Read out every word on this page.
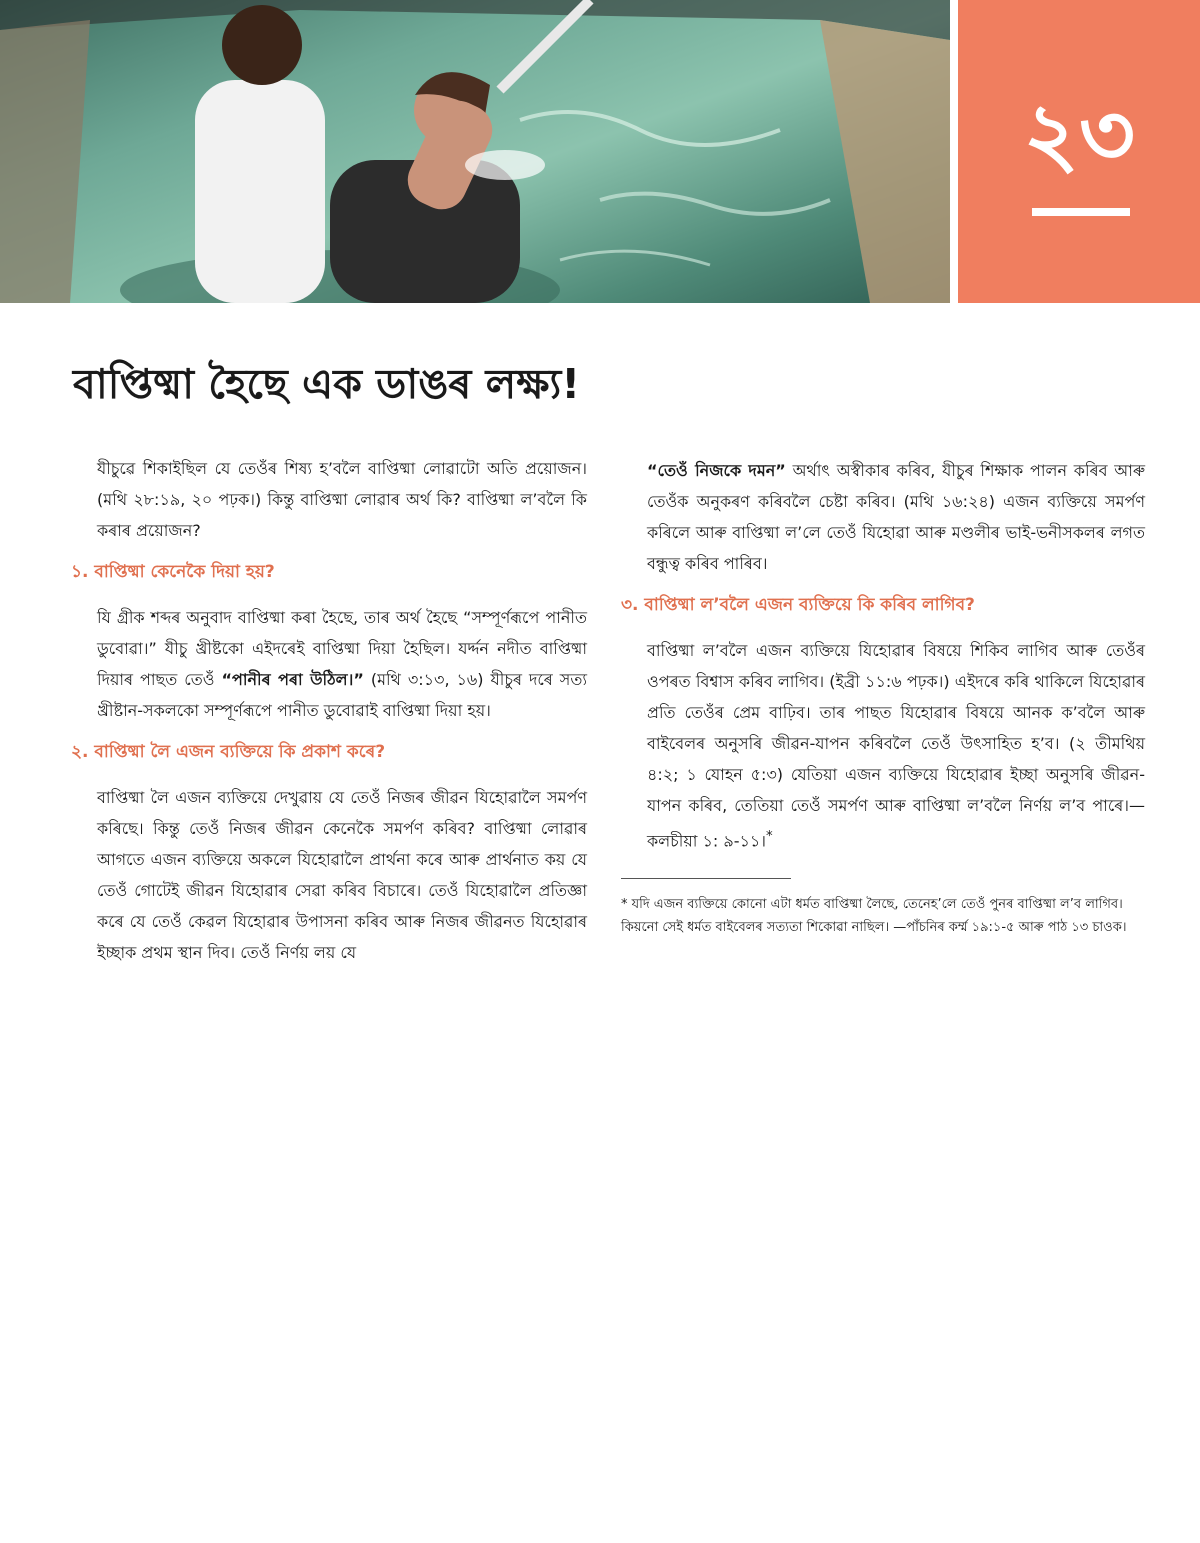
২৩
বাপ্তিষ্মা হৈছে এক ডাঙৰ লক্ষ্য!

যীচুৱে শিকাইছিল যে তেওঁৰ শিষ্য হ’বলৈ বাপ্তিষ্মা লোৱাটো অতি প্ৰয়োজন। (মথি ২৮:১৯, ২০ পঢ়ক।) কিন্তু বাপ্তিষ্মা লোৱাৰ অৰ্থ কি? বাপ্তিষ্মা ল’বলৈ কি কৰাৰ প্ৰয়োজন?

১. বাপ্তিষ্মা কেনেকৈ দিয়া হয়?

যি গ্ৰীক শব্দৰ অনুবাদ বাপ্তিষ্মা কৰা হৈছে, তাৰ অৰ্থ হৈছে “সম্পূৰ্ণৰূপে পানীত ডুবোৱা।” যীচু খ্ৰীষ্টকো এইদৰেই বাপ্তিষ্মা দিয়া হৈছিল। যৰ্দ্দন নদীত বাপ্তিষ্মা দিয়াৰ পাছত তেওঁ “পানীৰ পৰা উঠিল।” (মথি ৩:১৩, ১৬) যীচুৰ দৰে সত্য খ্ৰীষ্টান-সকলকো সম্পূৰ্ণৰূপে পানীত ডুবোৱাই বাপ্তিষ্মা দিয়া হয়।

২. বাপ্তিষ্মা লৈ এজন ব্যক্তিয়ে কি প্ৰকাশ কৰে?

বাপ্তিষ্মা লৈ এজন ব্যক্তিয়ে দেখুৱায় যে তেওঁ নিজৰ জীৱন যিহোৱালৈ সমৰ্পণ কৰিছে। কিন্তু তেওঁ নিজৰ জীৱন কেনেকৈ সমৰ্পণ কৰিব? বাপ্তিষ্মা লোৱাৰ আগতে এজন ব্যক্তিয়ে অকলে যিহোৱালৈ প্ৰাৰ্থনা কৰে আৰু প্ৰাৰ্থনাত কয় যে তেওঁ গোটেই জীৱন যিহোৱাৰ সেৱা কৰিব বিচাৰে। তেওঁ যিহোৱালৈ প্ৰতিজ্ঞা কৰে যে তেওঁ কেৱল যিহোৱাৰ উপাসনা কৰিব আৰু নিজৰ জীৱনত যিহোৱাৰ ইচ্ছাক প্ৰথম স্থান দিব। তেওঁ নিৰ্ণয় লয় যে

“তেওঁ নিজকে দমন” অৰ্থাৎ অস্বীকাৰ কৰিব, যীচুৰ শিক্ষাক পালন কৰিব আৰু তেওঁক অনুকৰণ কৰিবলৈ চেষ্টা কৰিব। (মথি ১৬:২৪) এজন ব্যক্তিয়ে সমৰ্পণ কৰিলে আৰু বাপ্তিষ্মা ল’লে তেওঁ যিহোৱা আৰু মণ্ডলীৰ ভাই-ভনীসকলৰ লগত বন্ধুত্ব কৰিব পাৰিব।

৩. বাপ্তিষ্মা ল’বলৈ এজন ব্যক্তিয়ে কি কৰিব লাগিব?

বাপ্তিষ্মা ল’বলৈ এজন ব্যক্তিয়ে যিহোৱাৰ বিষয়ে শিকিব লাগিব আৰু তেওঁৰ ওপৰত বিশ্বাস কৰিব লাগিব। (ইব্ৰী ১১:৬ পঢ়ক।) এইদৰে কৰি থাকিলে যিহোৱাৰ প্ৰতি তেওঁৰ প্ৰেম বাঢ়িব। তাৰ পাছত যিহোৱাৰ বিষয়ে আনক ক’বলৈ আৰু বাইবেলৰ অনুসৰি জীৱন-যাপন কৰিবলৈ তেওঁ উৎসাহিত হ’ব। (২ তীমথিয় ৪:২; ১ যোহন ৫:৩) যেতিয়া এজন ব্যক্তিয়ে যিহোৱাৰ ইচ্ছা অনুসৰি জীৱন-যাপন কৰিব, তেতিয়া তেওঁ সমৰ্পণ আৰু বাপ্তিষ্মা ল’বলৈ নিৰ্ণয় ল’ব পাৰে।—কলচীয়া ১: ৯-১১।*

* যদি এজন ব্যক্তিয়ে কোনো এটা ধৰ্মত বাপ্তিষ্মা লৈছে, তেনেহ’লে তেওঁ পুনৰ বাপ্তিষ্মা ল’ব লাগিব। কিয়নো সেই ধৰ্মত বাইবেলৰ সত্যতা শিকোৱা নাছিল। —পাঁচনিৰ কৰ্ম্ম ১৯:১-৫ আৰু পাঠ ১৩ চাওক।
